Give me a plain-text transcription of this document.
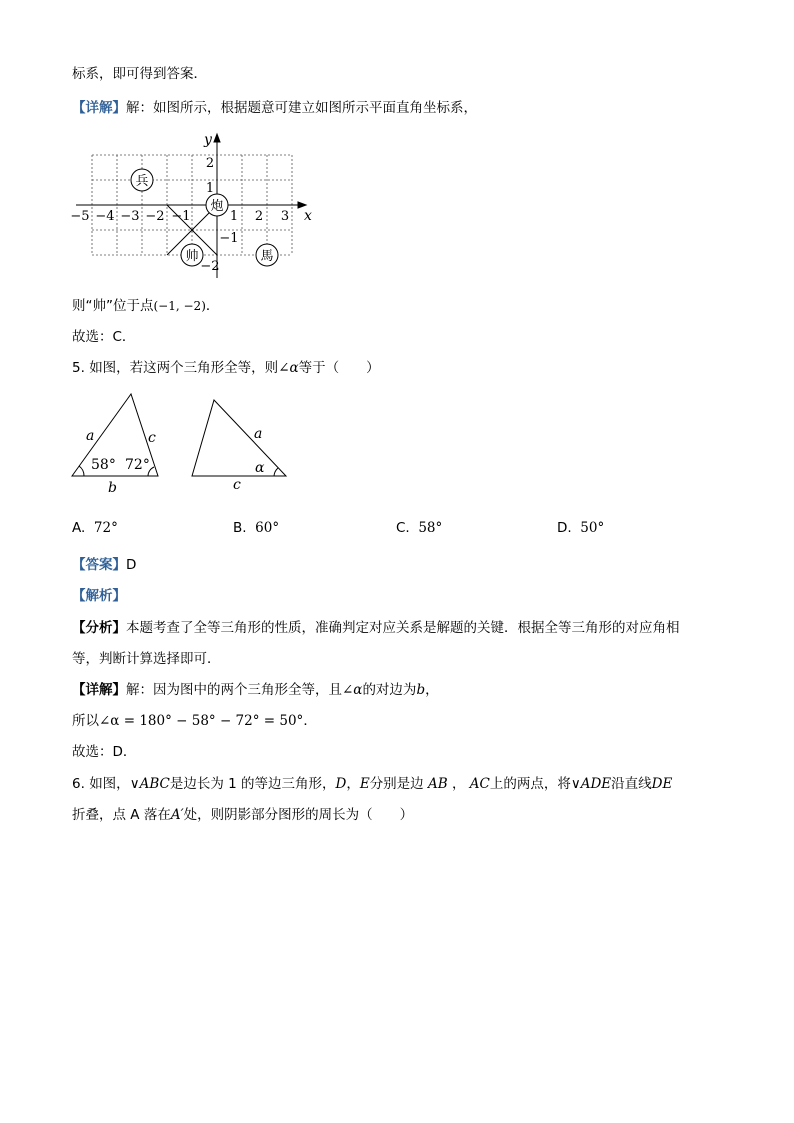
标系，即可得到答案．
【详解】解：如图所示，根据题意可建立如图所示平面直角坐标系，
x
y
−5 −4 −3 −2 −1	1 2 3
2
1
−1
−2
兵
炮
帅	馬
则“帅”位于点(−1, −2)．
故选：C．
5. 如图，若这两个三角形全等，则∠α等于（　　）
a	c
b
58° 72°
a
c
α
A. 72°	B. 60°	C. 58°	D. 50°
【答案】D
【解析】
【分析】本题考查了全等三角形的性质，准确判定对应关系是解题的关键．根据全等三角形的对应角相
等，判断计算选择即可．
【详解】解：因为图中的两个三角形全等，且∠α的对边为b，
所以∠α = 180° − 58° − 72° = 50°．
故选：D．
6. 如图，∨ABC是边长为 1 的等边三角形，D，E分别是边 AB ， AC上的两点，将∨ADE沿直线DE
折叠，点 A 落在A′处，则阴影部分图形的周长为（　　）
